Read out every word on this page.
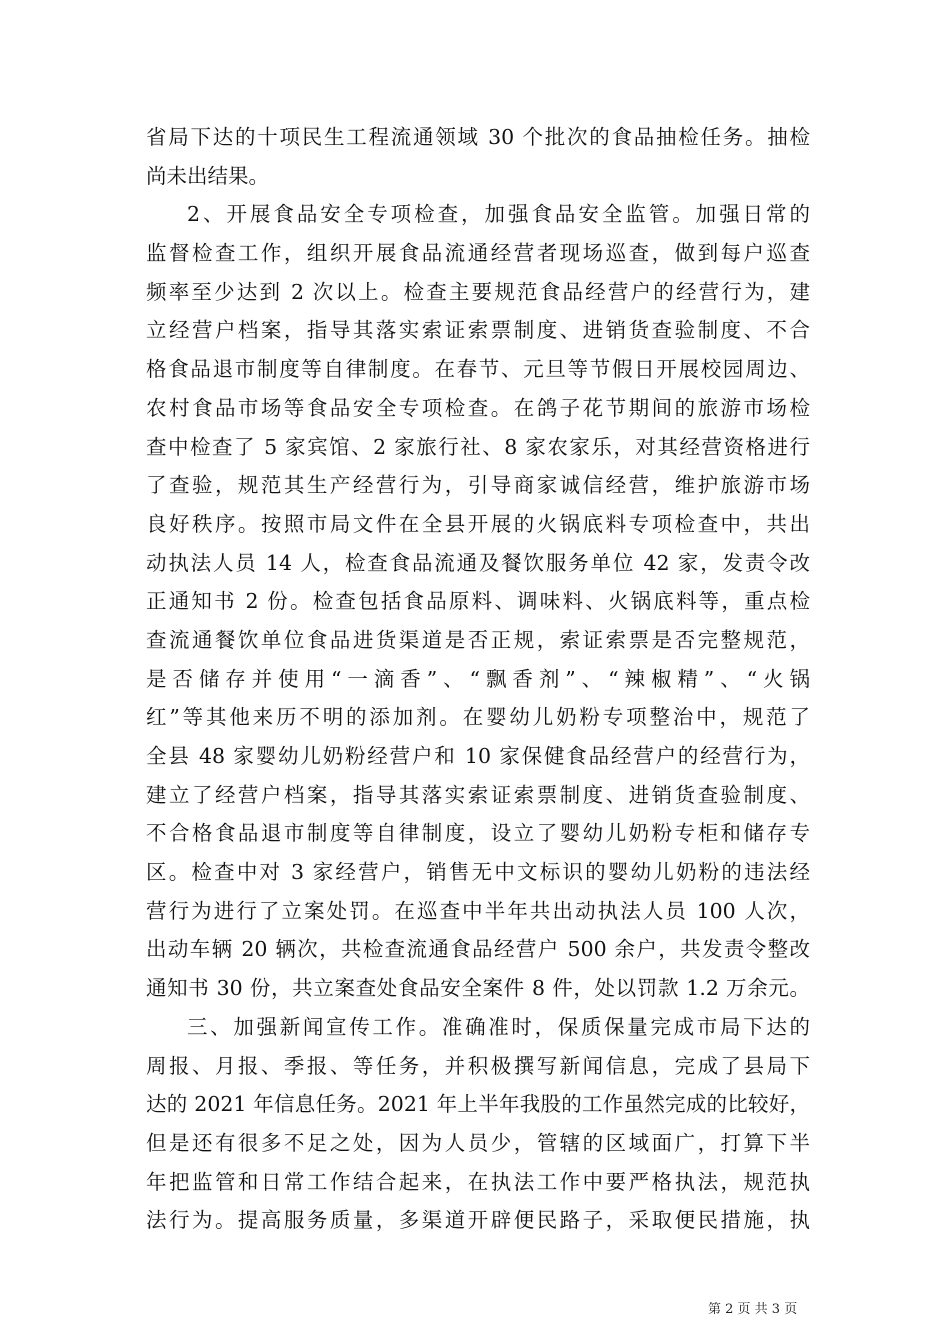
省局下达的十项民生工程流通领域 30 个批次的食品抽检任务。抽检
尚未出结果。
2、开展食品安全专项检查，加强食品安全监管。加强日常的
监督检查工作，组织开展食品流通经营者现场巡查，做到每户巡查
频率至少达到 2 次以上。检查主要规范食品经营户的经营行为，建
立经营户档案，指导其落实索证索票制度、进销货查验制度、不合
格食品退市制度等自律制度。在春节、元旦等节假日开展校园周边、
农村食品市场等食品安全专项检查。在鸽子花节期间的旅游市场检
查中检查了 5 家宾馆、2 家旅行社、8 家农家乐，对其经营资格进行
了查验，规范其生产经营行为，引导商家诚信经营，维护旅游市场
良好秩序。按照市局文件在全县开展的火锅底料专项检查中，共出
动执法人员 14 人，检查食品流通及餐饮服务单位 42 家，发责令改
正通知书 2 份。检查包括食品原料、调味料、火锅底料等，重点检
查流通餐饮单位食品进货渠道是否正规，索证索票是否完整规范，
是否储存并使用“一滴香”、“飘香剂”、“辣椒精”、“火锅
红”等其他来历不明的添加剂。在婴幼儿奶粉专项整治中，规范了
全县 48 家婴幼儿奶粉经营户和 10 家保健食品经营户的经营行为，
建立了经营户档案，指导其落实索证索票制度、进销货查验制度、
不合格食品退市制度等自律制度，设立了婴幼儿奶粉专柜和储存专
区。检查中对 3 家经营户，销售无中文标识的婴幼儿奶粉的违法经
营行为进行了立案处罚。在巡查中半年共出动执法人员 100 人次，
出动车辆 20 辆次，共检查流通食品经营户 500 余户，共发责令整改
通知书 30 份，共立案查处食品安全案件 8 件，处以罚款 1.2 万余元。
三、加强新闻宣传工作。准确准时，保质保量完成市局下达的
周报、月报、季报、等任务，并积极撰写新闻信息，完成了县局下
达的 2021 年信息任务。2021 年上半年我股的工作虽然完成的比较好，
但是还有很多不足之处，因为人员少，管辖的区域面广，打算下半
年把监管和日常工作结合起来，在执法工作中要严格执法，规范执
法行为。提高服务质量，多渠道开辟便民路子，采取便民措施，执
第 2 页 共 3 页
